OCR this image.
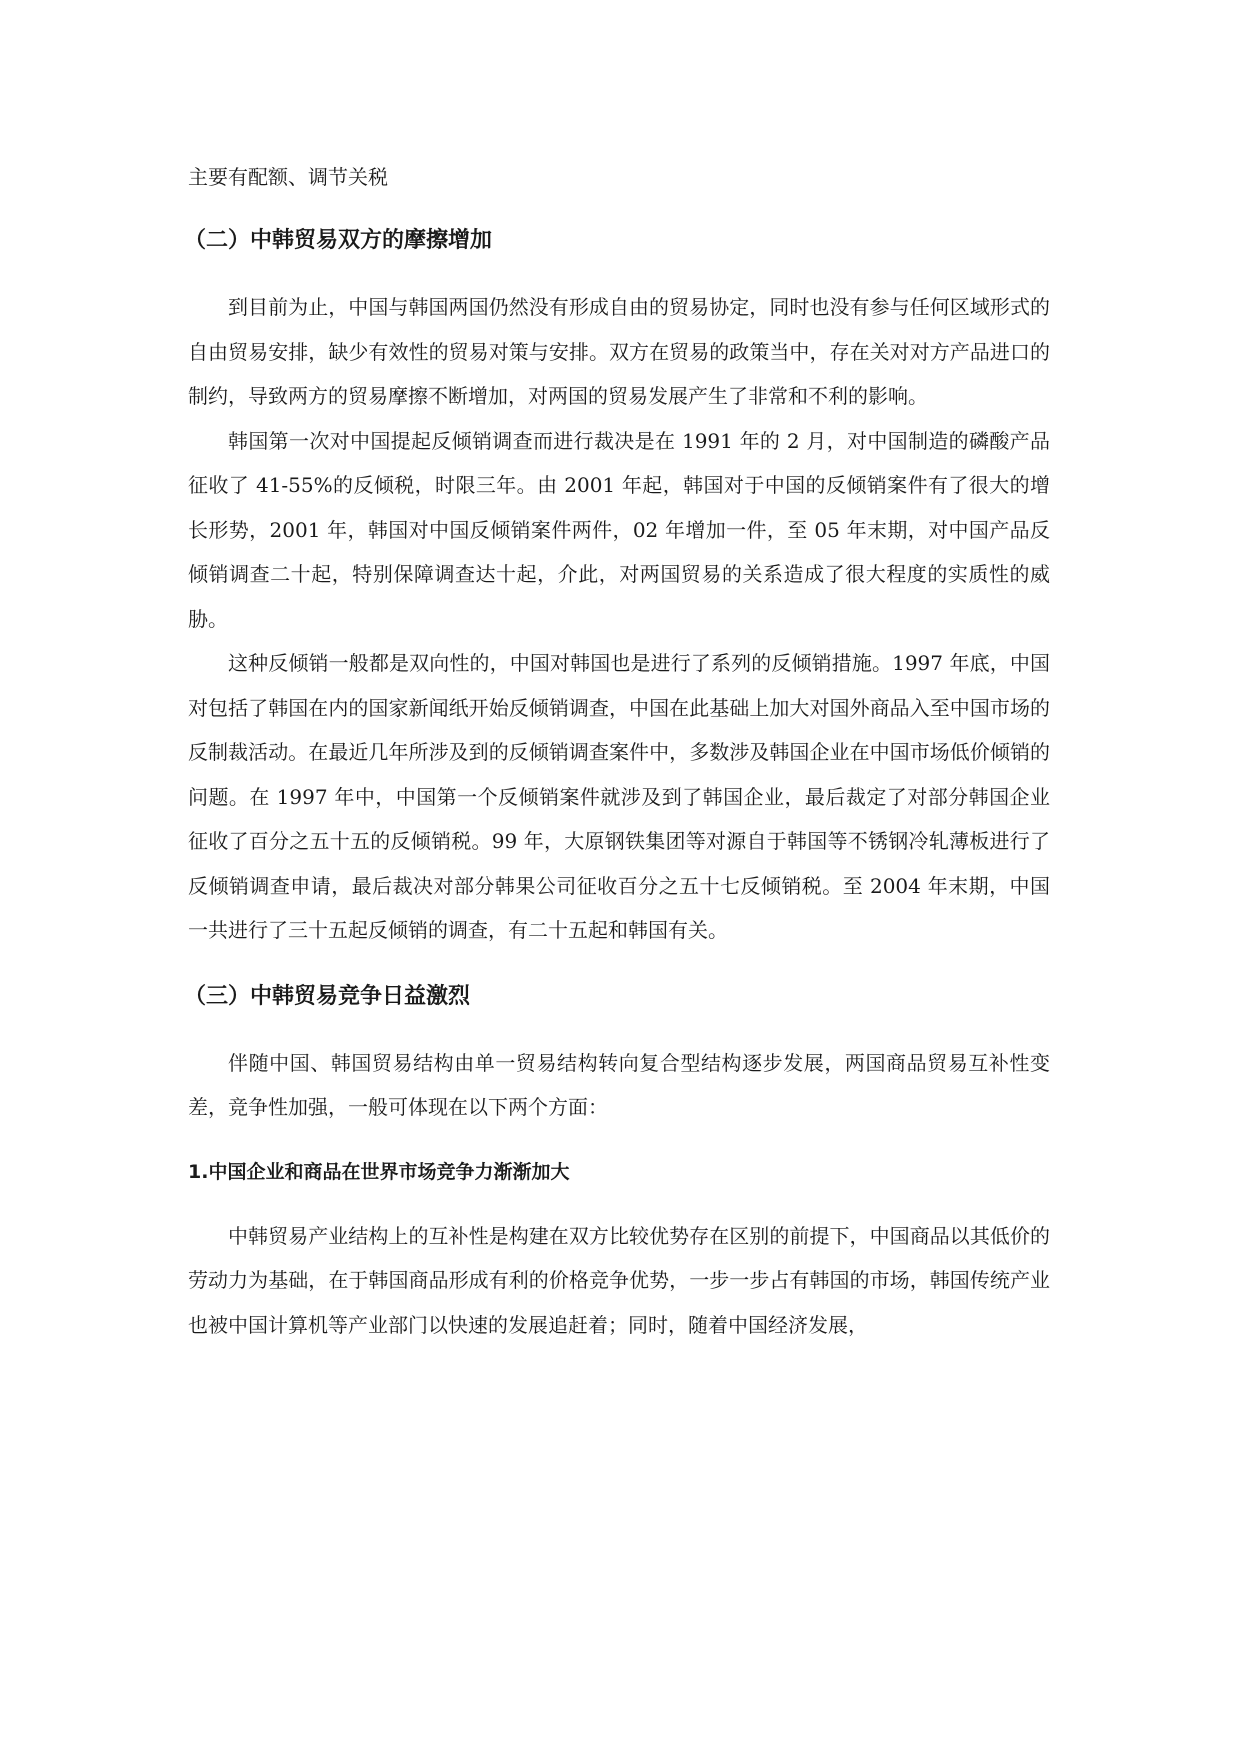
主要有配额、调节关税

（二）中韩贸易双方的摩擦增加

到目前为止，中国与韩国两国仍然没有形成自由的贸易协定，同时也没有参与任何区域形式的自由贸易安排，缺少有效性的贸易对策与安排。双方在贸易的政策当中，存在关对对方产品进口的制约，导致两方的贸易摩擦不断增加，对两国的贸易发展产生了非常和不利的影响。

韩国第一次对中国提起反倾销调查而进行裁决是在 1991 年的 2 月，对中国制造的磷酸产品征收了 41-55%的反倾税，时限三年。由 2001 年起，韩国对于中国的反倾销案件有了很大的增长形势，2001 年，韩国对中国反倾销案件两件，02 年增加一件，至 05 年末期，对中国产品反倾销调查二十起，特别保障调查达十起，介此，对两国贸易的关系造成了很大程度的实质性的威胁。

这种反倾销一般都是双向性的，中国对韩国也是进行了系列的反倾销措施。1997 年底，中国对包括了韩国在内的国家新闻纸开始反倾销调查，中国在此基础上加大对国外商品入至中国市场的反制裁活动。在最近几年所涉及到的反倾销调查案件中，多数涉及韩国企业在中国市场低价倾销的问题。在 1997 年中，中国第一个反倾销案件就涉及到了韩国企业，最后裁定了对部分韩国企业征收了百分之五十五的反倾销税。99 年，大原钢铁集团等对源自于韩国等不锈钢冷轧薄板进行了反倾销调查申请，最后裁决对部分韩果公司征收百分之五十七反倾销税。至 2004 年末期，中国一共进行了三十五起反倾销的调查，有二十五起和韩国有关。

（三）中韩贸易竞争日益激烈

伴随中国、韩国贸易结构由单一贸易结构转向复合型结构逐步发展，两国商品贸易互补性变差，竞争性加强，一般可体现在以下两个方面：

1.中国企业和商品在世界市场竞争力渐渐加大

中韩贸易产业结构上的互补性是构建在双方比较优势存在区别的前提下，中国商品以其低价的劳动力为基础，在于韩国商品形成有利的价格竞争优势，一步一步占有韩国的市场，韩国传统产业也被中国计算机等产业部门以快速的发展追赶着；同时，随着中国经济发展，
